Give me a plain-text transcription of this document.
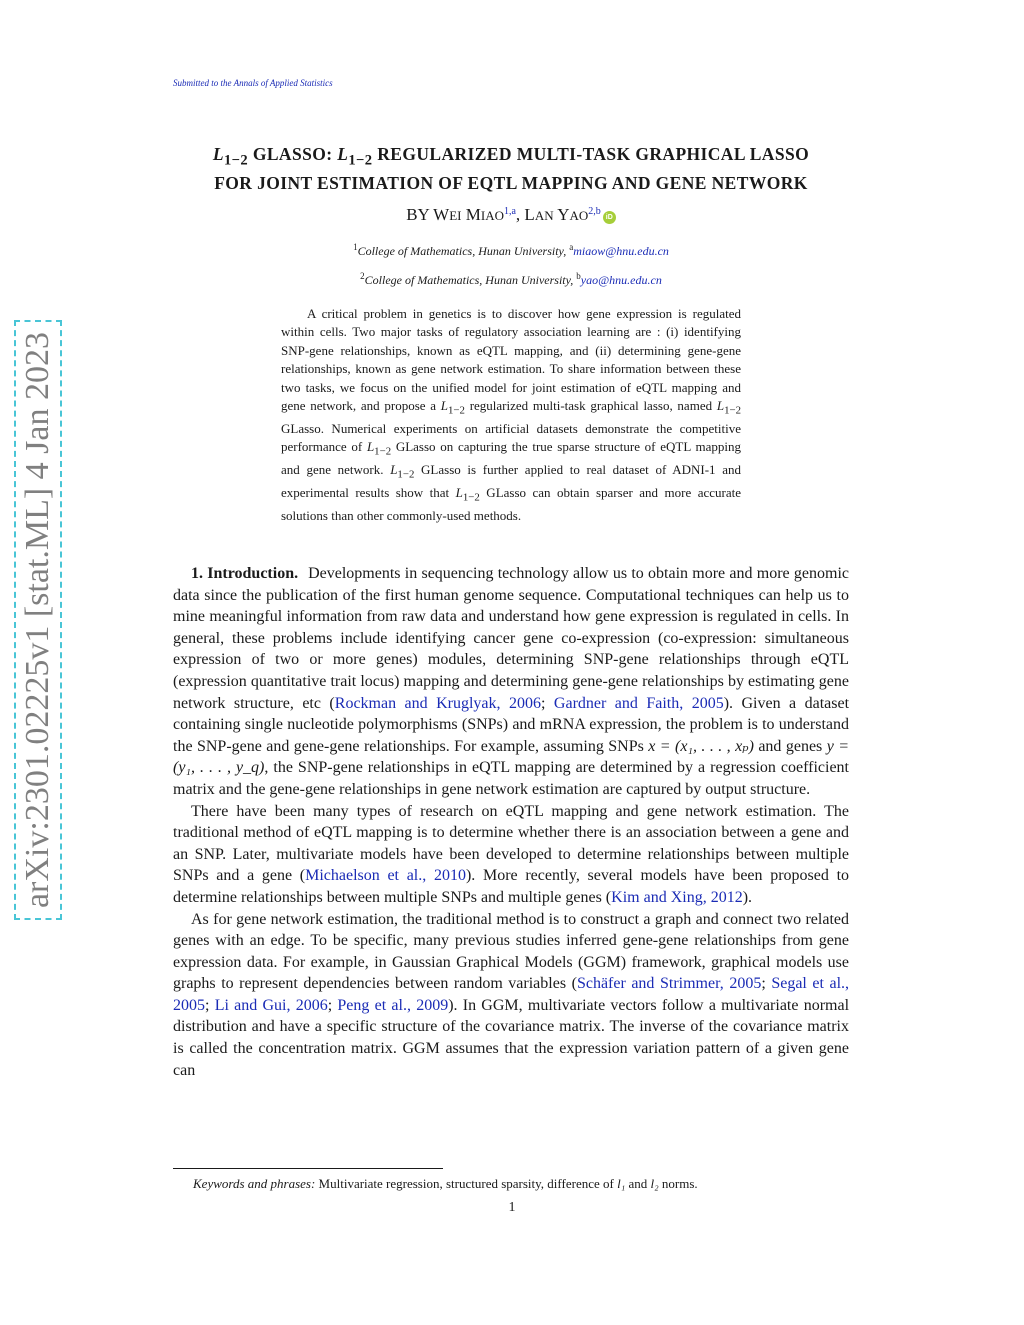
Submitted to the Annals of Applied Statistics
arXiv:2301.02225v1 [stat.ML] 4 Jan 2023
$L_{1-2}$ GLASSO: $L_{1-2}$ REGULARIZED MULTI-TASK GRAPHICAL LASSO
FOR JOINT ESTIMATION OF EQTL MAPPING AND GENE NETWORK
BY WEI MIAO$^{1,a}$, LAN YAO$^{2,b}$iD
$^1$College of Mathematics, Hunan University, $^a$miaow@hnu.edu.cn
$^2$College of Mathematics, Hunan University, $^b$yao@hnu.edu.cn
A critical problem in genetics is to discover how gene expression is regulated within cells. Two major tasks of regulatory association learning are : (i) identifying SNP-gene relationships, known as eQTL mapping, and (ii) determining gene-gene relationships, known as gene network estimation. To share information between these two tasks, we focus on the unified model for joint estimation of eQTL mapping and gene network, and propose a $L_{1-2}$ regularized multi-task graphical lasso, named $L_{1-2}$ GLasso. Numerical experiments on artificial datasets demonstrate the competitive performance of $L_{1-2}$ GLasso on capturing the true sparse structure of eQTL mapping and gene network. $L_{1-2}$ GLasso is further applied to real dataset of ADNI-1 and experimental results show that $L_{1-2}$ GLasso can obtain sparser and more accurate solutions than other commonly-used methods.

1. Introduction. Developments in sequencing technology allow us to obtain more and more genomic data since the publication of the first human genome sequence. Computational techniques can help us to mine meaningful information from raw data and understand how gene expression is regulated in cells. In general, these problems include identifying cancer gene co-expression (co-expression: simultaneous expression of two or more genes) modules, determining SNP-gene relationships through eQTL (expression quantitative trait locus) mapping and determining gene-gene relationships by estimating gene network structure, etc (Rockman and Kruglyak, 2006; Gardner and Faith, 2005). Given a dataset containing single nucleotide polymorphisms (SNPs) and mRNA expression, the problem is to understand the SNP-gene and gene-gene relationships. For example, assuming SNPs x = (x₁, . . . , xₚ) and genes y = (y₁, . . . , y_q), the SNP-gene relationships in eQTL mapping are determined by a regression coefficient matrix and the gene-gene relationships in gene network estimation are captured by output structure.

There have been many types of research on eQTL mapping and gene network estimation. The traditional method of eQTL mapping is to determine whether there is an association between a gene and an SNP. Later, multivariate models have been developed to determine relationships between multiple SNPs and a gene (Michaelson et al., 2010). More recently, several models have been proposed to determine relationships between multiple SNPs and multiple genes (Kim and Xing, 2012).

As for gene network estimation, the traditional method is to construct a graph and connect two related genes with an edge. To be specific, many previous studies inferred gene-gene relationships from gene expression data. For example, in Gaussian Graphical Models (GGM) framework, graphical models use graphs to represent dependencies between random variables (Schäfer and Strimmer, 2005; Segal et al., 2005; Li and Gui, 2006; Peng et al., 2009). In GGM, multivariate vectors follow a multivariate normal distribution and have a specific structure of the covariance matrix. The inverse of the covariance matrix is called the concentration matrix. GGM assumes that the expression variation pattern of a given gene can

Keywords and phrases: Multivariate regression, structured sparsity, difference of l₁ and l₂ norms.
1
